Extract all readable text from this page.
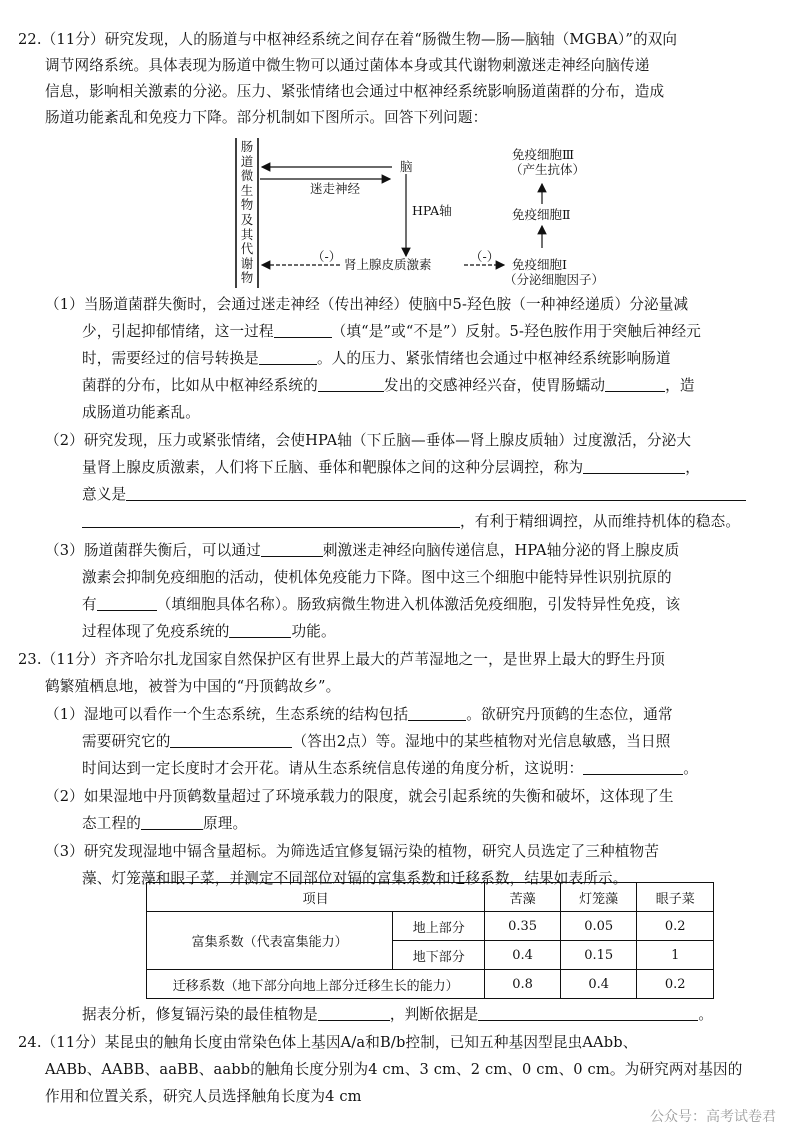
22.（11分）研究发现，人的肠道与中枢神经系统之间存在着“肠微生物—肠—脑轴（MGBA）”的双向
调节网络系统。具体表现为肠道中微生物可以通过菌体本身或其代谢物刺激迷走神经向脑传递
信息，影响相关激素的分泌。压力、紧张情绪也会通过中枢神经系统影响肠道菌群的分布，造成
肠道功能紊乱和免疫力下降。部分机制如下图所示。回答下列问题：
肠道微生物及其代谢物
脑
迷走神经
HPA轴
肾上腺皮质激素
（-）	（-）
免疫细胞Ⅲ
（产生抗体）
免疫细胞Ⅱ
免疫细胞Ⅰ
（分泌细胞因子）
（1）当肠道菌群失衡时，会通过迷走神经（传出神经）使脑中5-羟色胺（一种神经递质）分泌量减
少，引起抑郁情绪，这一过程	（填“是”或“不是”）反射。5-羟色胺作用于突触后神经元
时，需要经过的信号转换是	。人的压力、紧张情绪也会通过中枢神经系统影响肠道
菌群的分布，比如从中枢神经系统的	发出的交感神经兴奋，使胃肠蠕动	，造
成肠道功能紊乱。
（2）研究发现，压力或紧张情绪，会使HPA轴（下丘脑—垂体—肾上腺皮质轴）过度激活，分泌大
量肾上腺皮质激素，人们将下丘脑、垂体和靶腺体之间的这种分层调控，称为	，
意义是
，有利于精细调控，从而维持机体的稳态。
（3）肠道菌群失衡后，可以通过	刺激迷走神经向脑传递信息，HPA轴分泌的肾上腺皮质
激素会抑制免疫细胞的活动，使机体免疫能力下降。图中这三个细胞中能特异性识别抗原的
有	（填细胞具体名称）。肠致病微生物进入机体激活免疫细胞，引发特异性免疫，该
过程体现了免疫系统的	功能。
23.（11分）齐齐哈尔扎龙国家自然保护区有世界上最大的芦苇湿地之一，是世界上最大的野生丹顶
鹤繁殖栖息地，被誉为中国的“丹顶鹤故乡”。
（1）湿地可以看作一个生态系统，生态系统的结构包括	。欲研究丹顶鹤的生态位，通常
需要研究它的	（答出2点）等。湿地中的某些植物对光信息敏感，当日照
时间达到一定长度时才会开花。请从生态系统信息传递的角度分析，这说明：	。
（2）如果湿地中丹顶鹤数量超过了环境承载力的限度，就会引起系统的失衡和破坏，这体现了生
态工程的	原理。
（3）研究发现湿地中镉含量超标。为筛选适宜修复镉污染的植物，研究人员选定了三种植物苦
藻、灯笼藻和眼子菜，并测定不同部位对镉的富集系数和迁移系数，结果如表所示。
项目		苦藻	灯笼藻	眼子菜
富集系数（代表富集能力）	地上部分	0.35	0.05	0.2
	地下部分	0.4	0.15	1
迁移系数（地下部分向地上部分迁移生长的能力）		0.8	0.4	0.2
据表分析，修复镉污染的最佳植物是	，判断依据是	。
24.（11分）某昆虫的触角长度由常染色体上基因A/a和B/b控制，已知五种基因型昆虫AAbb、
AABb、AABB、aaBB、aabb的触角长度分别为4 cm、3 cm、2 cm、0 cm、0 cm。为研究两对基因的
作用和位置关系，研究人员选择触角长度为4 cm
公众号：高考试卷君
